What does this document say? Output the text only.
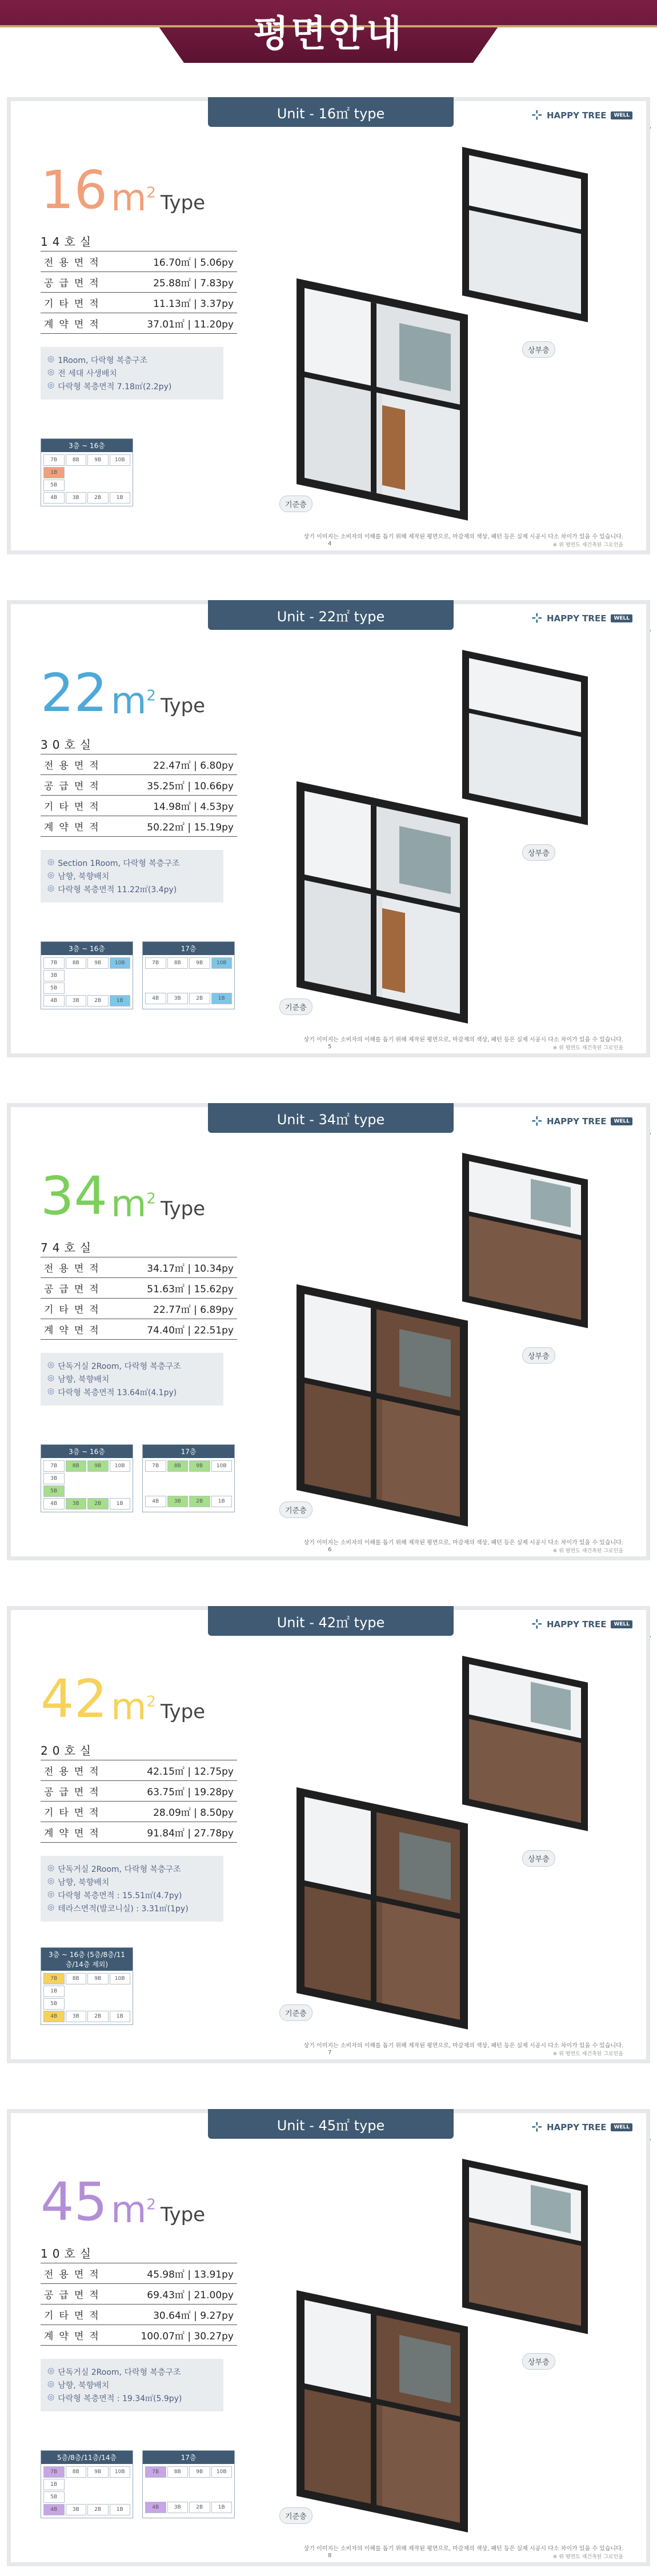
평면안내
Unit - 16㎡ type	⊹ HAPPY TREE	WELL
16 $m^2$ Type
14호실
전용면적	16.70㎡ | 5.06py
공급면적	25.88㎡ | 7.83py
기타면적	11.13㎡ | 3.37py
계약면적	37.01㎡ | 11.20py
◎ 1Room, 다락형 복층구조
◎ 전 세대 사생배치
◎ 다락형 복층면적 7.18㎡(2.2py)
3층 ~ 16층
7B	8B	9B	10B
1B
5B
4B	3B	2B	1B
기준층
상부층
4
상기 이미지는 소비자의 이해를 돕기 위해 제작된 평면으로, 마감재의 색상, 패턴 등은 실제 시공시 다소 차이가 있을 수 있습니다.
※ 위 평면도 재건축된 그로인을
Unit - 22㎡ type	⊹ HAPPY TREE	WELL
22 $m^2$ Type
30호실
전용면적	22.47㎡ | 6.80py
공급면적	35.25㎡ | 10.66py
기타면적	14.98㎡ | 4.53py
계약면적	50.22㎡ | 15.19py
◎ Section 1Room, 다락형 복층구조
◎ 남향, 북향배치
◎ 다락형 복층면적 11.22㎡(3.4py)
3층 ~ 16층
7B	8B	9B	10B
3B
5B
4B	3B	2B	1B
17층
7B	8B	9B	10B
4B	3B	2B	1B
기준층
상부층
5
상기 이미지는 소비자의 이해를 돕기 위해 제작된 평면으로, 마감재의 색상, 패턴 등은 실제 시공시 다소 차이가 있을 수 있습니다.
※ 위 평면도 재건축된 그로인을
Unit - 34㎡ type	⊹ HAPPY TREE	WELL
34 $m^2$ Type
74호실
전용면적	34.17㎡ | 10.34py
공급면적	51.63㎡ | 15.62py
기타면적	22.77㎡ | 6.89py
계약면적	74.40㎡ | 22.51py
◎ 단독거실 2Room, 다락형 복층구조
◎ 남향, 북향배치
◎ 다락형 복층면적 13.64㎡(4.1py)
3층 ~ 16층
7B	8B	9B	10B
3B
5B
4B	3B	2B	1B
17층
7B	8B	9B	10B
4B	3B	2B	1B
기준층
상부층
6
상기 이미지는 소비자의 이해를 돕기 위해 제작된 평면으로, 마감재의 색상, 패턴 등은 실제 시공시 다소 차이가 있을 수 있습니다.
※ 위 평면도 재건축된 그로인을
Unit - 42㎡ type	⊹ HAPPY TREE	WELL
42 $m^2$ Type
20호실
전용면적	42.15㎡ | 12.75py
공급면적	63.75㎡ | 19.28py
기타면적	28.09㎡ | 8.50py
계약면적	91.84㎡ | 27.78py
◎ 단독거실 2Room, 다락형 복층구조
◎ 남향, 북향배치
◎ 다락형 복층면적 : 15.51㎡(4.7py)
◎ 테라스면적(발코니실) : 3.31㎡(1py)
3층 ~ 16층 (5층/8층/11층/14층 제외)
7B	8B	9B	10B
1B
5B
4B	3B	2B	1B	기준층
상부층
7
상기 이미지는 소비자의 이해를 돕기 위해 제작된 평면으로, 마감재의 색상, 패턴 등은 실제 시공시 다소 차이가 있을 수 있습니다.
※ 위 평면도 재건축된 그로인을
Unit - 45㎡ type	⊹ HAPPY TREE	WELL
45 $m^2$ Type
10호실
전용면적	45.98㎡ | 13.91py
공급면적	69.43㎡ | 21.00py
기타면적	30.64㎡ | 9.27py
계약면적	100.07㎡ | 30.27py
◎ 단독거실 2Room, 다락형 복층구조
◎ 남향, 북향배치
◎ 다락형 복층면적 : 19.34㎡(5.9py)
5층/8층/11층/14층
7B	8B	9B	10B
1B
5B
4B	3B	2B	1B
17층
7B	8B	9B	10B
4B	3B	2B	1B
기준층
상부층
8
상기 이미지는 소비자의 이해를 돕기 위해 제작된 평면으로, 마감재의 색상, 패턴 등은 실제 시공시 다소 차이가 있을 수 있습니다.
※ 위 평면도 재건축된 그로인을
